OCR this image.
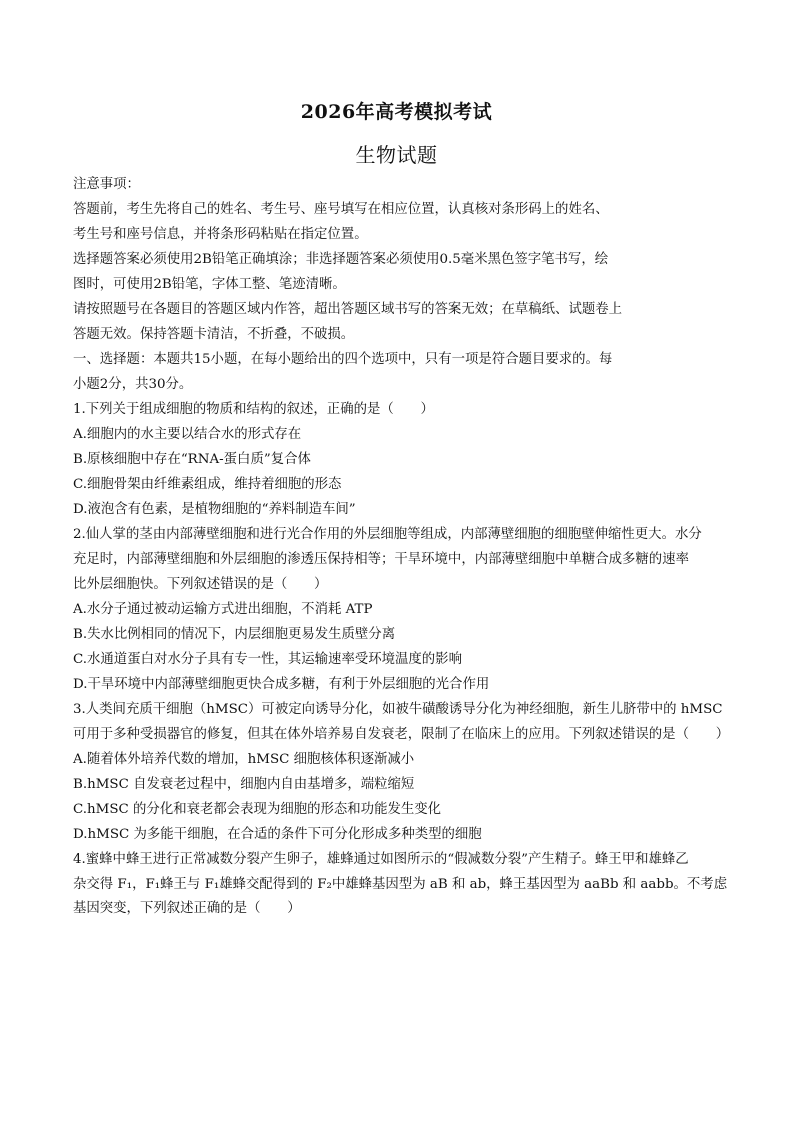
2026年高考模拟考试
生物试题
注意事项：
答题前，考生先将自己的姓名、考生号、座号填写在相应位置，认真核对条形码上的姓名、
考生号和座号信息，并将条形码粘贴在指定位置。
选择题答案必须使用2B铅笔正确填涂；非选择题答案必须使用0.5毫米黑色签字笔书写，绘
图时，可使用2B铅笔，字体工整、笔迹清晰。
请按照题号在各题目的答题区域内作答，超出答题区域书写的答案无效；在草稿纸、试题卷上
答题无效。保持答题卡清洁，不折叠，不破损。
一、选择题：本题共15小题，在每小题给出的四个选项中，只有一项是符合题目要求的。每
小题2分，共30分。
1.下列关于组成细胞的物质和结构的叙述，正确的是（　　）
A.细胞内的水主要以结合水的形式存在
B.原核细胞中存在“RNA-蛋白质”复合体
C.细胞骨架由纤维素组成，维持着细胞的形态
D.液泡含有色素，是植物细胞的“养料制造车间”
2.仙人掌的茎由内部薄壁细胞和进行光合作用的外层细胞等组成，内部薄壁细胞的细胞壁伸缩性更大。水分
充足时，内部薄壁细胞和外层细胞的渗透压保持相等；干旱环境中，内部薄壁细胞中单糖合成多糖的速率
比外层细胞快。下列叙述错误的是（　　）
A.水分子通过被动运输方式进出细胞，不消耗 ATP
B.失水比例相同的情况下，内层细胞更易发生质壁分离
C.水通道蛋白对水分子具有专一性，其运输速率受环境温度的影响
D.干旱环境中内部薄壁细胞更快合成多糖，有利于外层细胞的光合作用
3.人类间充质干细胞（hMSC）可被定向诱导分化，如被牛磺酸诱导分化为神经细胞，新生儿脐带中的 hMSC
可用于多种受损器官的修复，但其在体外培养易自发衰老，限制了在临床上的应用。下列叙述错误的是（　　）
A.随着体外培养代数的增加，hMSC 细胞核体积逐渐减小
B.hMSC 自发衰老过程中，细胞内自由基增多，端粒缩短
C.hMSC 的分化和衰老都会表现为细胞的形态和功能发生变化
D.hMSC 为多能干细胞，在合适的条件下可分化形成多种类型的细胞
4.蜜蜂中蜂王进行正常减数分裂产生卵子，雄蜂通过如图所示的“假减数分裂”产生精子。蜂王甲和雄蜂乙
杂交得 F₁，F₁蜂王与 F₁雄蜂交配得到的 F₂中雄蜂基因型为 aB 和 ab，蜂王基因型为 aaBb 和 aabb。不考虑
基因突变，下列叙述正确的是（　　）
